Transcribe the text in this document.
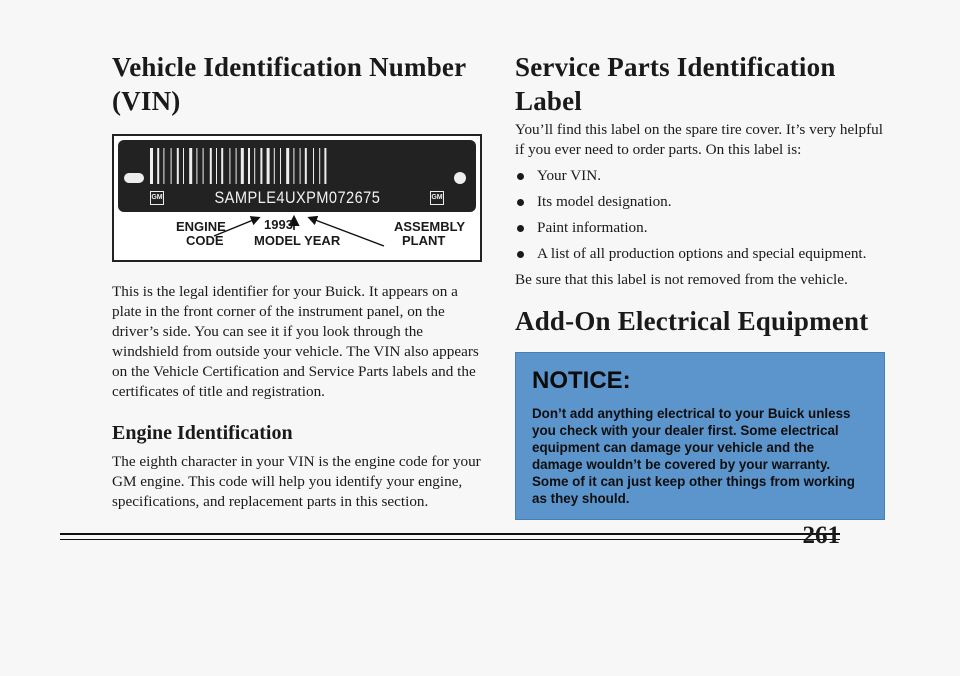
Vehicle Identification Number (VIN)
GM	SAMPLE4UXPM072675	GM
ENGINE
CODE
1993
MODEL YEAR
ASSEMBLY
PLANT

This is the legal identifier for your Buick. It appears on a plate in the front corner of the instrument panel, on the driver’s side. You can see it if you look through the windshield from outside your vehicle. The VIN also appears on the Vehicle Certification and Service Parts labels and the certificates of title and registration.

Engine Identification

The eighth character in your VIN is the engine code for your GM engine. This code will help you identify your engine, specifications, and replacement parts in this section.

Service Parts Identification Label

You’ll find this label on the spare tire cover. It’s very helpful if you ever need to order parts. On this label is:

Your VIN.
Its model designation.
Paint information.
A list of all production options and special equipment.

Be sure that this label is not removed from the vehicle.

Add-On Electrical Equipment
NOTICE:
Don’t add anything electrical to your Buick unless you check with your dealer first. Some electrical equipment can damage your vehicle and the damage wouldn’t be covered by your warranty. Some of it can just keep other things from working as they should.
261
